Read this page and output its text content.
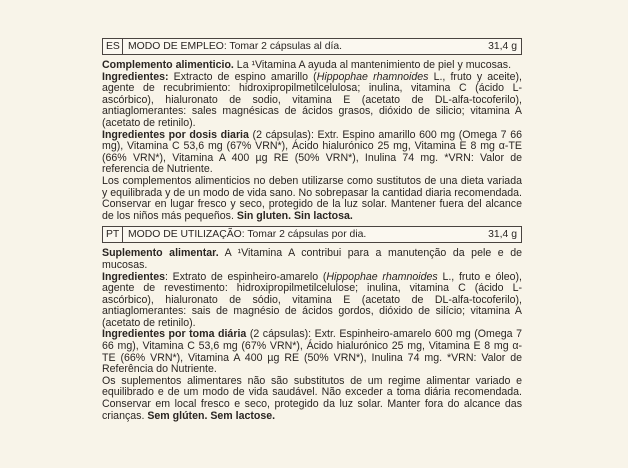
ES MODO DE EMPLEO: Tomar 2 cápsulas al día.	31,4 g

Complemento alimenticio. La ¹Vitamina A ayuda al mantenimiento de piel y mucosas.

Ingredientes: Extracto de espino amarillo (Hippophae rhamnoides L., fruto y aceite), agente de recubrimiento: hidroxipropilmetilcelulosa; inulina, vitamina C (ácido L-ascórbico), hialuronato de sodio, vitamina E (acetato de DL-alfa-tocoferilo), antiaglomerantes: sales magnésicas de ácidos grasos, dióxido de silicio; vitamina A (acetato de retinilo).

Ingredientes por dosis diaria (2 cápsulas): Extr. Espino amarillo 600 mg (Omega 7 66 mg), Vitamina C 53,6 mg (67% VRN*), Ácido hialurónico 25 mg, Vitamina E 8 mg α-TE (66% VRN*), Vitamina A 400 µg RE (50% VRN*), Inulina 74 mg. *VRN: Valor de referencia de Nutriente.

Los complementos alimenticios no deben utilizarse como sustitutos de una dieta variada y equilibrada y de un modo de vida sano. No sobrepasar la cantidad diaria recomendada. Conservar en lugar fresco y seco, protegido de la luz solar. Mantener fuera del alcance de los niños más pequeños. Sin gluten. Sin lactosa.

PT MODO DE UTILIZAÇÃO: Tomar 2 cápsulas por dia.	31,4 g

Suplemento alimentar. A ¹Vitamina A contribui para a manutenção da pele e de mucosas.

Ingredientes: Extrato de espinheiro-amarelo (Hippophae rhamnoides L., fruto e óleo), agente de revestimento: hidroxipropilmetilcelulose; inulina, vitamina C (ácido L-ascórbico), hialuronato de sódio, vitamina E (acetato de DL-alfa-tocoferilo), antiaglomerantes: sais de magnésio de ácidos gordos, dióxido de silício; vitamina A (acetato de retinilo).

Ingredientes por toma diária (2 cápsulas): Extr. Espinheiro-amarelo 600 mg (Omega 7 66 mg), Vitamina C 53,6 mg (67% VRN*), Ácido hialurónico 25 mg, Vitamina E 8 mg α-TE (66% VRN*), Vitamina A 400 µg RE (50% VRN*), Inulina 74 mg. *VRN: Valor de Referência do Nutriente.

Os suplementos alimentares não são substitutos de um regime alimentar variado e equilibrado e de um modo de vida saudável. Não exceder a toma diária recomendada. Conservar em local fresco e seco, protegido da luz solar. Manter fora do alcance das crianças. Sem glúten. Sem lactose.
